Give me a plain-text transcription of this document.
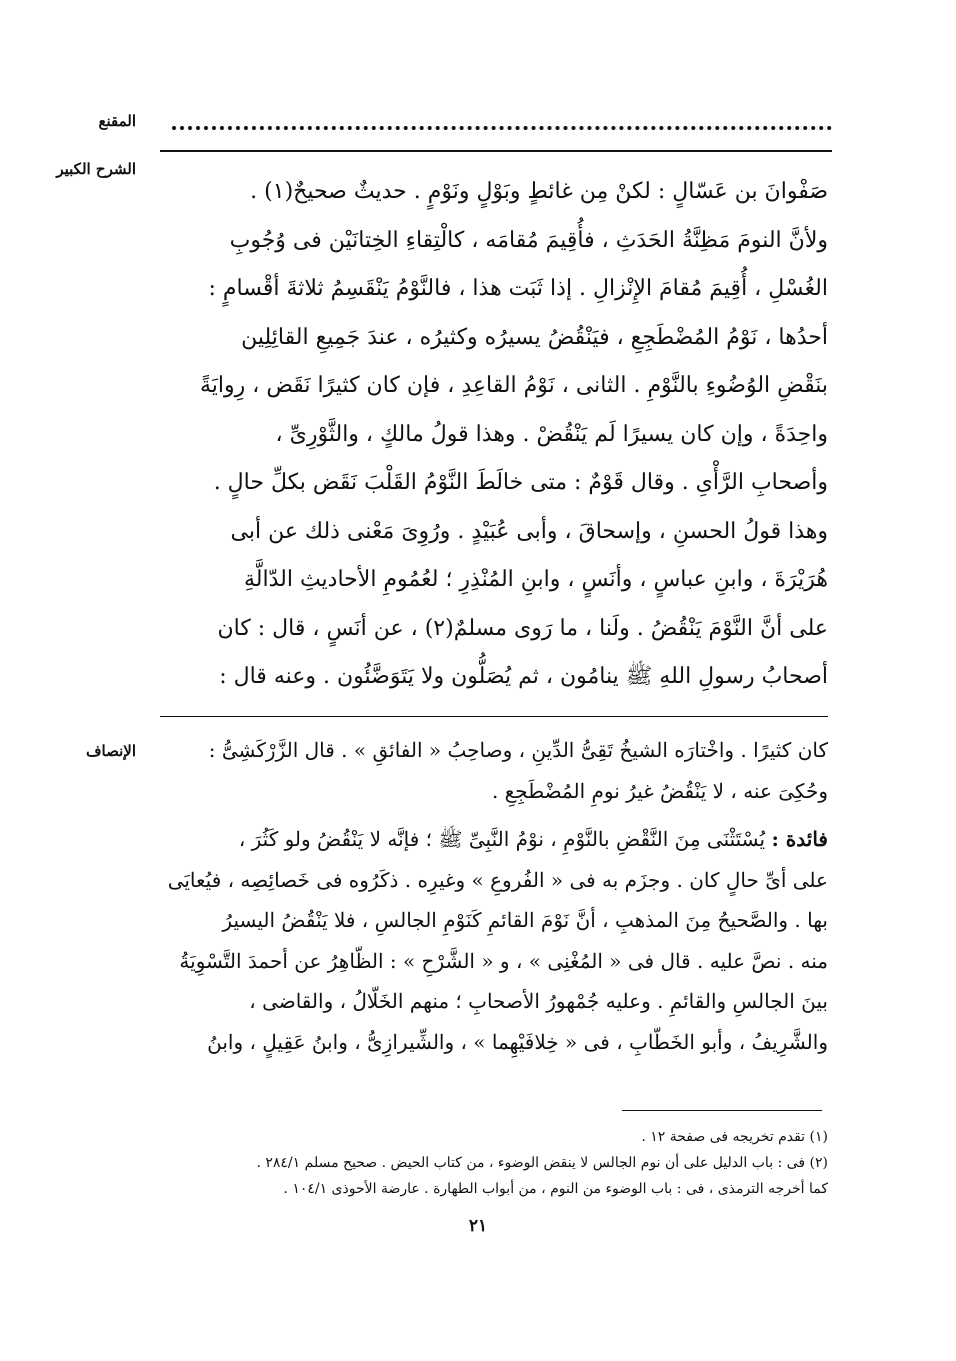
المقنع
الشرح الكبير

صَفْوانَ بن عَسّالٍ : لكنْ مِن غائطٍ وبَوْلٍ ونَوْمٍ . حديثٌ صحيحٌ(١) .

ولأنَّ النومَ مَظِنَّةُ الحَدَثِ ، فأُقِيمَ مُقامَه ، كالْتِقاءِ الخِتانَيْن فى وُجُوبِ

الغُسْلِ ، أُقِيمَ مُقامَ الإِنْزالِ . إذا ثَبَت هذا ، فالنَّوْمُ يَنْقَسِمُ ثلاثةَ أقْسامٍ :

أحدُها ، نَوْمُ المُضْطَجِعِ ، فيَنْقُضُ يسيرُه وكثيرُه ، عندَ جَمِيعِ القائِلِين

بنَقْضِ الوُضُوءِ بالنَّوْمِ . الثانى ، نَوْمُ القاعِدِ ، فإن كان كثيرًا نَقَض ، رِوايَةً

واحِدَةً ، وإن كان يسيرًا لَم يَنْقُضْ . وهذا قولُ مالكٍ ، والثَّوْرِىِّ ،

وأصحابِ الرَّأْىِ . وقال قَوْمٌ : متى خالَطَ النَّوْمُ القَلْبَ نَقَض بكلِّ حالٍ .

وهذا قولُ الحسنِ ، وإسحاقَ ، وأبى عُبَيْدٍ . ورُوِىَ مَعْنى ذلك عن أبى

هُرَيْرَةَ ، وابنِ عباسٍ ، وأنَسٍ ، وابنِ المُنْذِرِ ؛ لعُمُومِ الأحاديثِ الدّالَّةِ

على أنَّ النَّوْمَ يَنْقُضُ . ولَنا ، ما رَوى مسلمٌ(٢) ، عن أنَسٍ ، قال : كان

أصحابُ رسولِ اللهِ ﷺ ينامُون ، ثم يُصَلُّون ولا يَتَوَضَّئُون . وعنه قال :

الإنصاف	كان كثيرًا . واخْتارَه الشيخُ تَقِىُّ الدِّينِ ، وصاحِبُ « الفائقِ » . قال الزَّرْكَشِىُّ :

وحُكِىَ عنه ، لا يَنْقُضُ غيرُ نومِ المُضْطَجِعِ .

فائدة : يُسْتَثْنَى مِنَ النَّقْضِ بالنَّوْمِ ، نوْمُ النَّبِىِّ ﷺ ؛ فإنَّه لا يَنْقُضُ ولو كَثُرَ ،

على أىِّ حالٍ كان . وجزَم به فى « الفُروعِ » وغيرِه . ذكَرُوه فى خَصائِصِه ، فيُعايَى

بها . والصَّحيحُ مِنَ المذهبِ ، أنَّ نَوْمَ القائمِ كَنَوْمِ الجالسِ ، فلا يَنْقُضُ اليسيرُ

منه . نصَّ عليه . قال فى « المُغْنِى » ، و « الشَّرْحِ » : الظّاهِرُ عن أحمدَ التَّسْوِيَةُ

بينَ الجالسِ والقائمِ . وعليه جُمْهورُ الأصحابِ ؛ منهم الخَلّالُ ، والقاضى ،

والشَّرِيفُ ، وأبو الخَطّابِ ، فى « خِلافَيْهِما » ، والشِّيرازِىُّ ، وابنُ عَقِيلٍ ، وابنُ

(١) تقدم تخريجه فى صفحة ١٢ .

(٢) فى : باب الدليل على أن نوم الجالس لا ينقض الوضوء ، من كتاب الحيض . صحيح مسلم ٢٨٤/١ .

كما أخرجه الترمذى ، فى : باب الوضوء من النوم ، من أبواب الطهارة . عارضة الأحوذى ١٠٤/١ .

٢١
